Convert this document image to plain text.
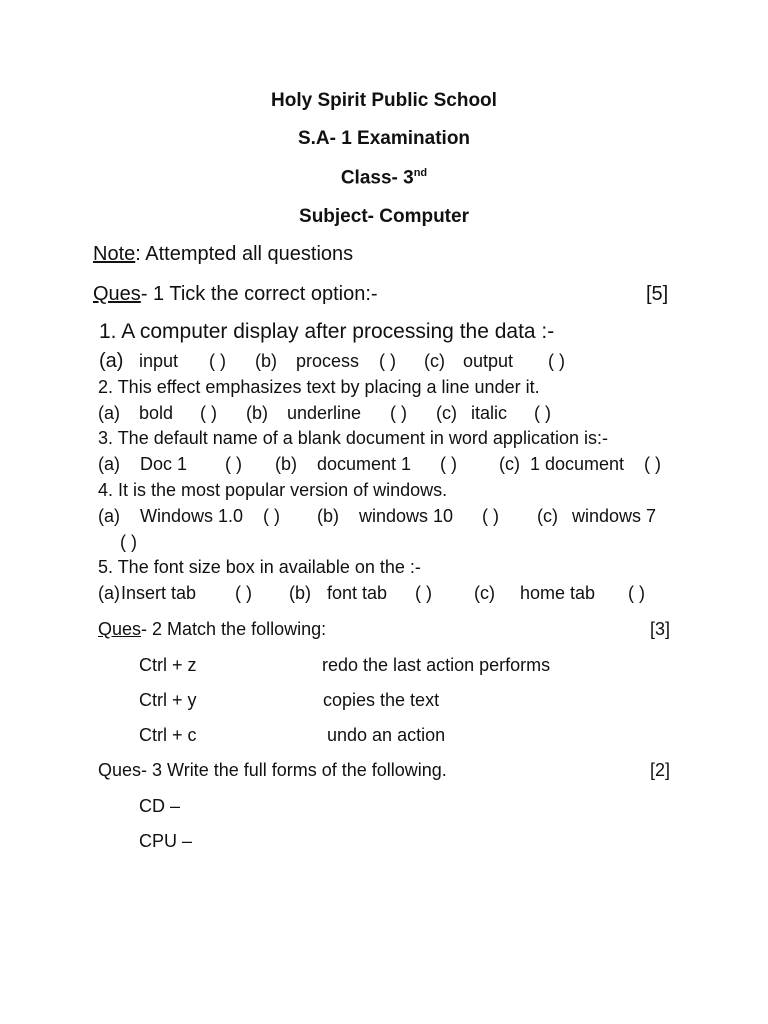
Holy Spirit Public School
S.A- 1 Examination
Class- 3nd
Subject- Computer
Note: Attempted all questions
Ques- 1 Tick the correct option:-	[5]
1. A computer display after processing the data :-
(a) input ( ) (b) process ( ) (c) output ( )
2. This effect emphasizes text by placing a line under it.
(a) bold ( ) (b) underline ( ) (c) italic ( )
3. The default name of a blank document in word application is:-
(a) Doc 1 ( ) (b) document 1 ( ) (c) 1 document ( )
4. It is the most popular version of windows.
(a) Windows 1.0 ( ) (b) windows 10 ( ) (c) windows 7
( )
5. The font size box in available on the :-
(a) Insert tab ( ) (b) font tab ( ) (c) home tab ( )
Ques- 2 Match the following:	[3]
Ctrl + z	redo the last action performs
Ctrl + y	copies the text
Ctrl + c	undo an action
Ques- 3 Write the full forms of the following.	[2]
CD –
CPU –
